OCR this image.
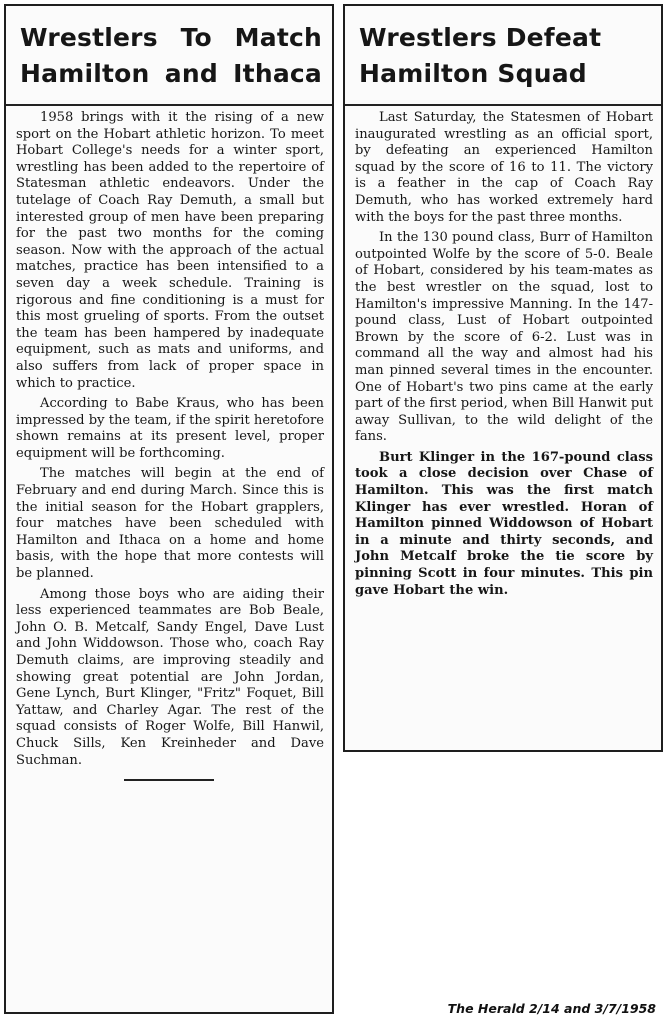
Wrestlers To Match
Hamilton and Ithaca

1958 brings with it the rising of a new sport on the Hobart athletic horizon. To meet Hobart College's needs for a winter sport, wrestling has been added to the repertoire of Statesman athletic endeavors. Under the tutelage of Coach Ray Demuth, a small but interested group of men have been preparing for the past two months for the coming season. Now with the approach of the actual matches, practice has been intensified to a seven day a week schedule. Training is rigorous and fine conditioning is a must for this most grueling of sports. From the outset the team has been hampered by inadequate equipment, such as mats and uniforms, and also suffers from lack of proper space in which to practice.

According to Babe Kraus, who has been impressed by the team, if the spirit heretofore shown remains at its present level, proper equipment will be forthcoming.

The matches will begin at the end of February and end during March. Since this is the initial season for the Hobart grapplers, four matches have been scheduled with Hamilton and Ithaca on a home and home basis, with the hope that more contests will be planned.

Among those boys who are aiding their less experienced teammates are Bob Beale, John O. B. Metcalf, Sandy Engel, Dave Lust and John Widdowson. Those who, coach Ray Demuth claims, are improving steadily and showing great potential are John Jordan, Gene Lynch, Burt Klinger, "Fritz" Foquet, Bill Yattaw, and Charley Agar. The rest of the squad consists of Roger Wolfe, Bill Hanwil, Chuck Sills, Ken Kreinheder and Dave Suchman.

Wrestlers Defeat
Hamilton Squad

Last Saturday, the Statesmen of Hobart inaugurated wrestling as an official sport, by defeating an experienced Hamilton squad by the score of 16 to 11. The victory is a feather in the cap of Coach Ray Demuth, who has worked extremely hard with the boys for the past three months.

In the 130 pound class, Burr of Hamilton outpointed Wolfe by the score of 5-0. Beale of Hobart, considered by his team-mates as the best wrestler on the squad, lost to Hamilton's impressive Manning. In the 147-pound class, Lust of Hobart outpointed Brown by the score of 6-2. Lust was in command all the way and almost had his man pinned several times in the encounter. One of Hobart's two pins came at the early part of the first period, when Bill Hanwit put away Sullivan, to the wild delight of the fans.

Burt Klinger in the 167-pound class took a close decision over Chase of Hamilton. This was the first match Klinger has ever wrestled. Horan of Hamilton pinned Widdowson of Hobart in a minute and thirty seconds, and John Metcalf broke the tie score by pinning Scott in four minutes. This pin gave Hobart the win.

The Herald 2/14 and 3/7/1958
